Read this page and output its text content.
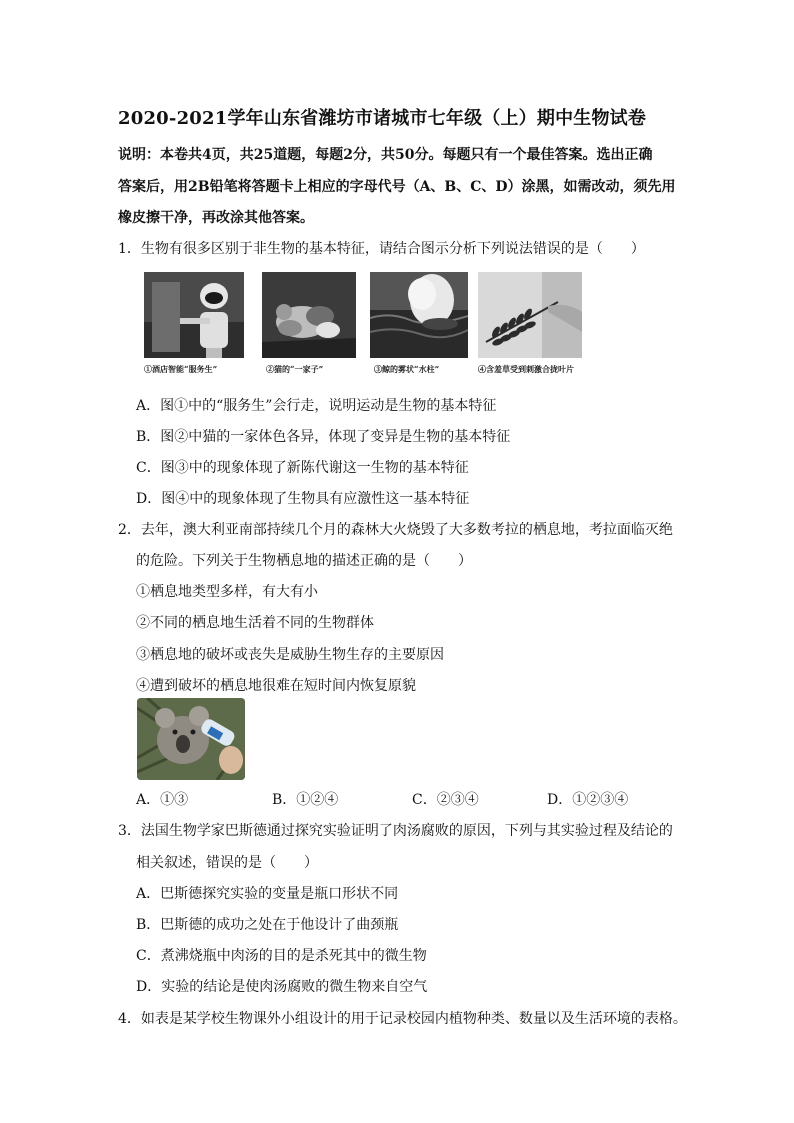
2020-2021学年山东省潍坊市诸城市七年级（上）期中生物试卷
说明：本卷共4页，共25道题，每题2分，共50分。每题只有一个最佳答案。选出正确
答案后，用2B铅笔将答题卡上相应的字母代号（A、B、C、D）涂黑，如需改动，须先用
橡皮擦干净，再改涂其他答案。
1．生物有很多区别于非生物的基本特征，请结合图示分析下列说法错误的是（　　）
①酒店智能“服务生”	②猫的“一家子”	③鲸的雾状“水柱”	④含羞草受到刺激合拢叶片
A．图①中的“服务生”会行走，说明运动是生物的基本特征
B．图②中猫的一家体色各异，体现了变异是生物的基本特征
C．图③中的现象体现了新陈代谢这一生物的基本特征
D．图④中的现象体现了生物具有应激性这一基本特征
2．去年，澳大利亚南部持续几个月的森林大火烧毁了大多数考拉的栖息地，考拉面临灭绝
的危险。下列关于生物栖息地的描述正确的是（　　）
①栖息地类型多样，有大有小
②不同的栖息地生活着不同的生物群体
③栖息地的破坏或丧失是威胁生物生存的主要原因
④遭到破坏的栖息地很难在短时间内恢复原貌
A．①③	B．①②④	C．②③④	D．①②③④
3．法国生物学家巴斯德通过探究实验证明了肉汤腐败的原因，下列与其实验过程及结论的
相关叙述，错误的是（　　）
A．巴斯德探究实验的变量是瓶口形状不同
B．巴斯德的成功之处在于他设计了曲颈瓶
C．煮沸烧瓶中肉汤的目的是杀死其中的微生物
D．实验的结论是使肉汤腐败的微生物来自空气
4．如表是某学校生物课外小组设计的用于记录校园内植物种类、数量以及生活环境的表格。
